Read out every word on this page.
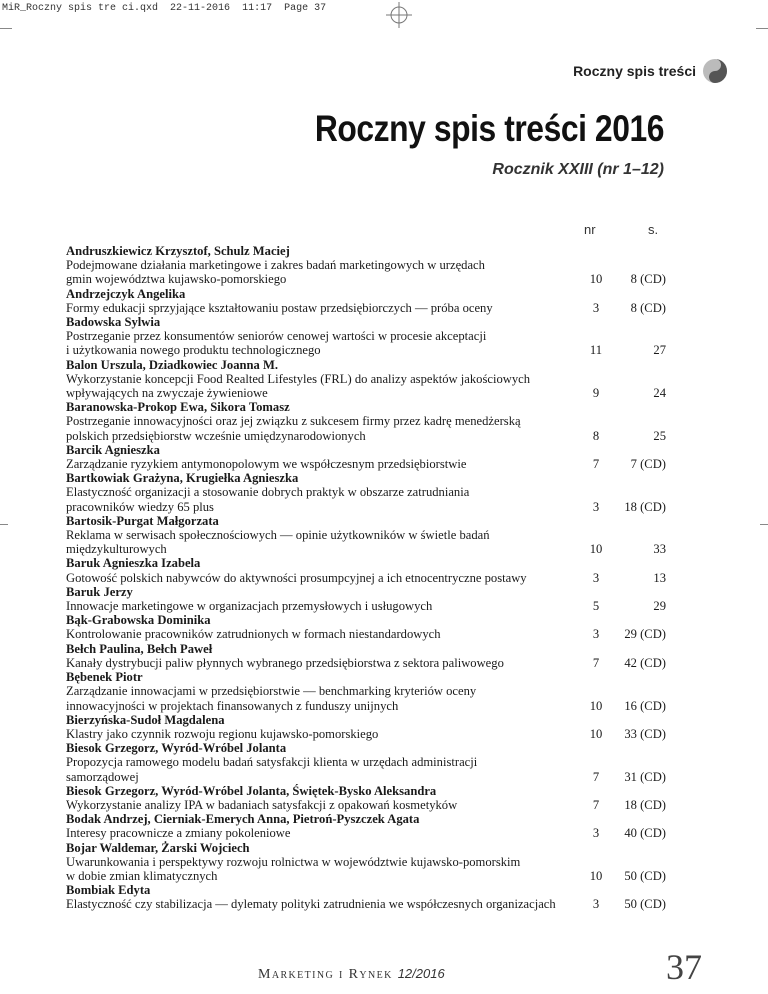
MiR_Roczny spis tre ci.qxd 22-11-2016 11:17 Page 37
Roczny spis treści
Roczny spis treści 2016
Rocznik XXIII (nr 1–12)
nr	s.
Andruszkiewicz Krzysztof, Schulz Maciej
Podejmowane działania marketingowe i zakres badań marketingowych w urzędach
gmin województwa kujawsko-pomorskiego	10	8 (CD)
Andrzejczyk Angelika
Formy edukacji sprzyjające kształtowaniu postaw przedsiębiorczych — próba oceny	3	8 (CD)
Badowska Sylwia
Postrzeganie przez konsumentów seniorów cenowej wartości w procesie akceptacji
i użytkowania nowego produktu technologicznego	11	27
Balon Urszula, Dziadkowiec Joanna M.
Wykorzystanie koncepcji Food Realted Lifestyles (FRL) do analizy aspektów jakościowych
wpływających na zwyczaje żywieniowe	9	24
Baranowska-Prokop Ewa, Sikora Tomasz
Postrzeganie innowacyjności oraz jej związku z sukcesem firmy przez kadrę menedżerską
polskich przedsiębiorstw wcześnie umiędzynarodowionych	8	25
Barcik Agnieszka
Zarządzanie ryzykiem antymonopolowym we współczesnym przedsiębiorstwie	7	7 (CD)
Bartkowiak Grażyna, Krugiełka Agnieszka
Elastyczność organizacji a stosowanie dobrych praktyk w obszarze zatrudniania
pracowników wiedzy 65 plus	3	18 (CD)
Bartosik-Purgat Małgorzata
Reklama w serwisach społecznościowych — opinie użytkowników w świetle badań
międzykulturowych	10	33
Baruk Agnieszka Izabela
Gotowość polskich nabywców do aktywności prosumpcyjnej a ich etnocentryczne postawy	3	13
Baruk Jerzy
Innowacje marketingowe w organizacjach przemysłowych i usługowych	5	29
Bąk-Grabowska Dominika
Kontrolowanie pracowników zatrudnionych w formach niestandardowych	3	29 (CD)
Bełch Paulina, Bełch Paweł
Kanały dystrybucji paliw płynnych wybranego przedsiębiorstwa z sektora paliwowego	7	42 (CD)
Bębenek Piotr
Zarządzanie innowacjami w przedsiębiorstwie — benchmarking kryteriów oceny
innowacyjności w projektach finansowanych z funduszy unijnych	10	16 (CD)
Bierzyńska-Sudoł Magdalena
Klastry jako czynnik rozwoju regionu kujawsko-pomorskiego	10	33 (CD)
Biesok Grzegorz, Wyród-Wróbel Jolanta
Propozycja ramowego modelu badań satysfakcji klienta w urzędach administracji
samorządowej	7	31 (CD)
Biesok Grzegorz, Wyród-Wróbel Jolanta, Świętek-Bysko Aleksandra
Wykorzystanie analizy IPA w badaniach satysfakcji z opakowań kosmetyków	7	18 (CD)
Bodak Andrzej, Cierniak-Emerych Anna, Pietroń-Pyszczek Agata
Interesy pracownicze a zmiany pokoleniowe	3	40 (CD)
Bojar Waldemar, Żarski Wojciech
Uwarunkowania i perspektywy rozwoju rolnictwa w województwie kujawsko-pomorskim
w dobie zmian klimatycznych	10	50 (CD)
Bombiak Edyta
Elastyczność czy stabilizacja — dylematy polityki zatrudnienia we współczesnych organizacjach	3	50 (CD)
Marketing i Rynek 12/2016	37
